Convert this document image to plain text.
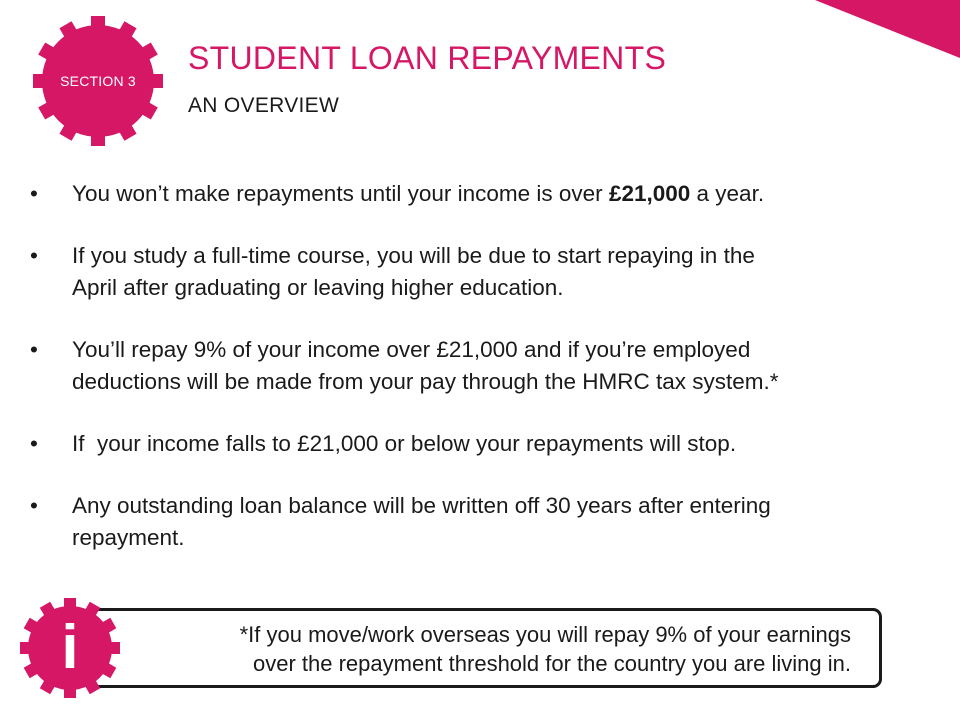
SECTION 3
STUDENT LOAN REPAYMENTS
AN OVERVIEW
• You won’t make repayments until your income is over £21,000 a year.
• If you study a full-time course, you will be due to start repaying in the
April after graduating or leaving higher education.
• You’ll repay 9% of your income over £21,000 and if you’re employed
deductions will be made from your pay through the HMRC tax system.*
• If  your income falls to £21,000 or below your repayments will stop.
• Any outstanding loan balance will be written off 30 years after entering
repayment.
*If you move/work overseas you will repay 9% of your earnings
over the repayment threshold for the country you are living in.
i
